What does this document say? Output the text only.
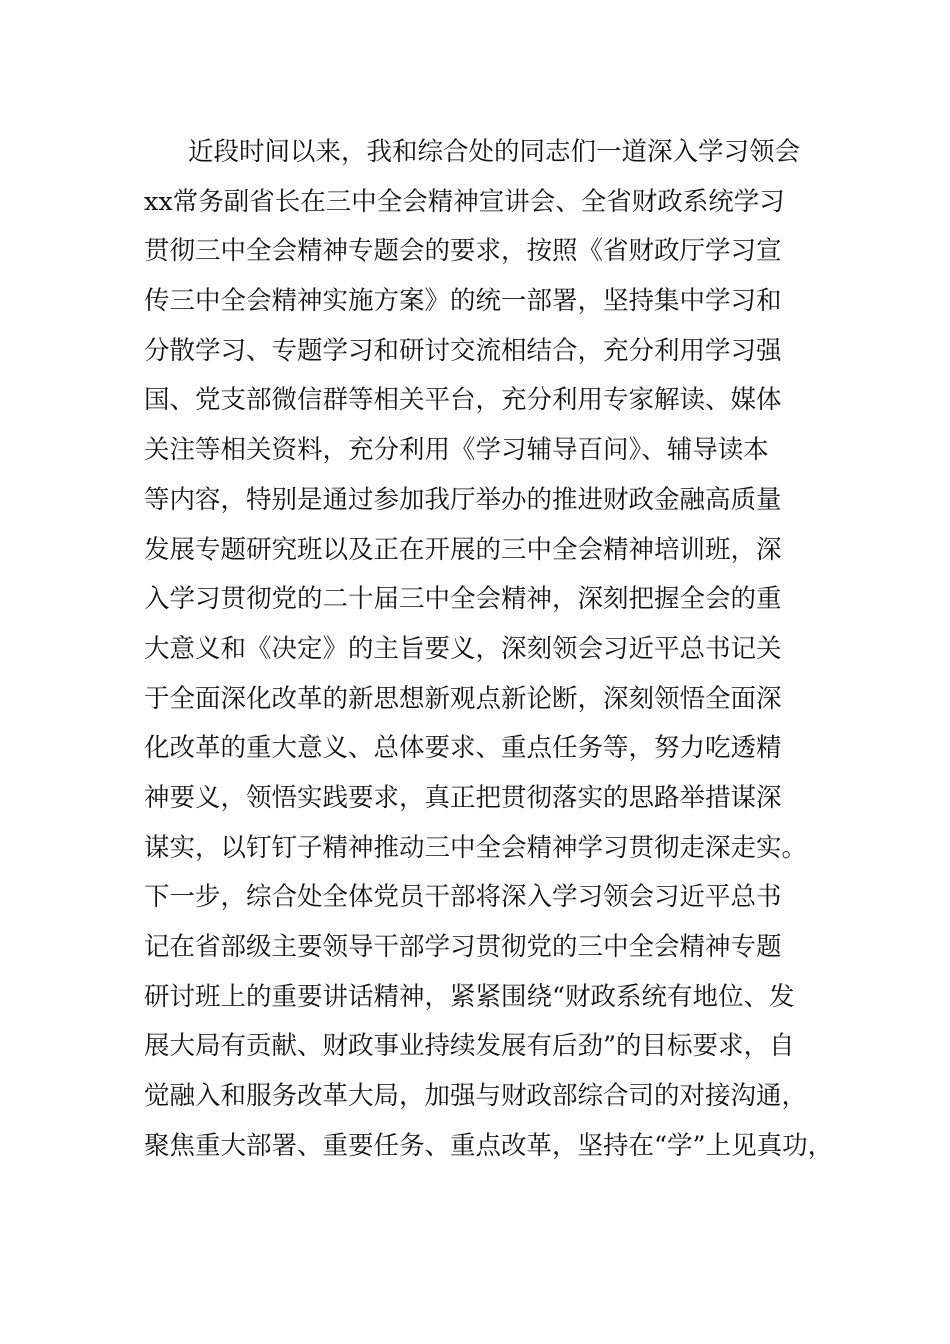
近段时间以来，我和综合处的同志们一道深入学习领会
xx常务副省长在三中全会精神宣讲会、全省财政系统学习
贯彻三中全会精神专题会的要求，按照《省财政厅学习宣
传三中全会精神实施方案》的统一部署，坚持集中学习和
分散学习、专题学习和研讨交流相结合，充分利用学习强
国、党支部微信群等相关平台，充分利用专家解读、媒体
关注等相关资料，充分利用《学习辅导百问》、辅导读本
等内容，特别是通过参加我厅举办的推进财政金融高质量
发展专题研究班以及正在开展的三中全会精神培训班，深
入学习贯彻党的二十届三中全会精神，深刻把握全会的重
大意义和《决定》的主旨要义，深刻领会习近平总书记关
于全面深化改革的新思想新观点新论断，深刻领悟全面深
化改革的重大意义、总体要求、重点任务等，努力吃透精
神要义，领悟实践要求，真正把贯彻落实的思路举措谋深
谋实，以钉钉子精神推动三中全会精神学习贯彻走深走实。
下一步，综合处全体党员干部将深入学习领会习近平总书
记在省部级主要领导干部学习贯彻党的三中全会精神专题
研讨班上的重要讲话精神，紧紧围绕“财政系统有地位、发
展大局有贡献、财政事业持续发展有后劲”的目标要求，自
觉融入和服务改革大局，加强与财政部综合司的对接沟通，
聚焦重大部署、重要任务、重点改革，坚持在“学”上见真功，
